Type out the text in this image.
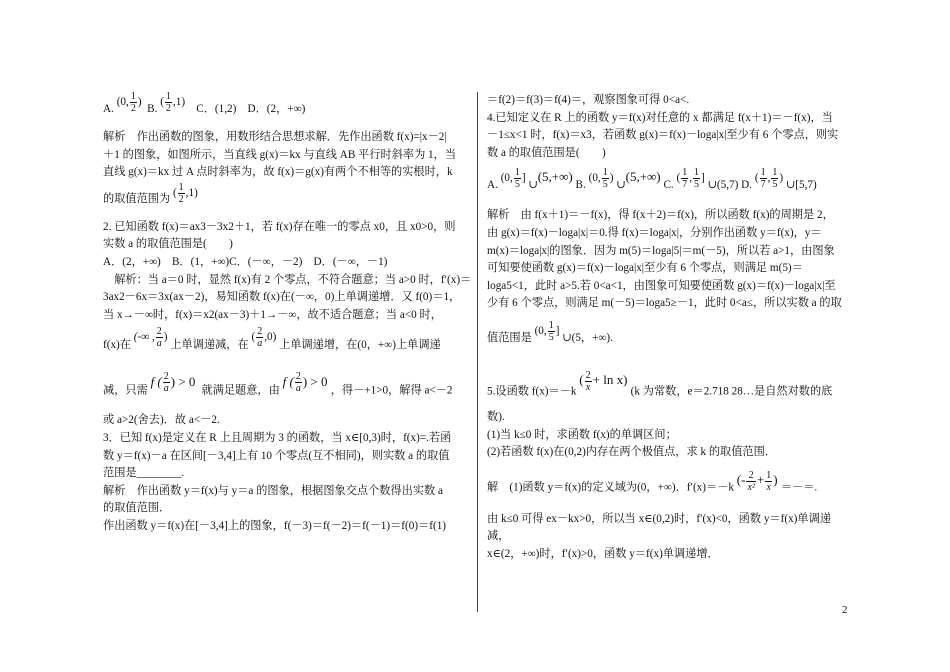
A. (0, $\frac{1}{2}$ )  B. ( $\frac{1}{2} ,1$)    C．(1,2) D．(2，+∞)
解析　作出函数的图象，用数形结合思想求解．先作出函数 f(x)=|x－2|
＋1 的图象，如图所示，当直线 g(x)＝kx 与直线 AB 平行时斜率为 1，当
直线 g(x)＝kx 过 A 点时斜率为，故 f(x)＝g(x)有两个不相等的实根时，k
的取值范围为 ( $\frac{1}{2} ,1$)
2. 已知函数 f(x)＝ax3－3x2＋1，若 f(x)存在唯一的零点 x0，且 x0>0，则
实数 a 的取值范围是(　　)
A．(2，+∞)　B．(1，+∞)C．(－∞，－2)　D．(－∞，－1)
　解析：当 a＝0 时，显然 f(x)有 2 个零点，不符合题意；当 a>0 时，f′(x)＝
3ax2－6x＝3x(ax－2)，易知函数 f(x)在(－∞，0)上单调递增．又 f(0)＝1，
当 x→－∞时，f(x)＝x2(ax－3)＋1→－∞，故不适合题意；当 a<0 时，
f(x)在 (-∞ , $\frac{2}{a}$ ) 上单调递减，在 ( $\frac{2}{a} ,0$) 上单调递增，在(0，+∞)上单调递
减，只需 f ( $\frac{2}{a}$ ) > 0  就满足题意，由 f ( $\frac{2}{a}$ ) > 0 ，得－+1>0，解得 a<－2
或 a>2(舍去)．故 a<－2.
3．已知 f(x)是定义在 R 上且周期为 3 的函数，当 x∈[0,3)时，f(x)=.若函
数 y＝f(x)－a 在区间[－3,4]上有 10 个零点(互不相同)，则实数 a 的取值
范围是________.
解析　作出函数 y＝f(x)与 y＝a 的图象，根据图象交点个数得出实数 a
的取值范围．
作出函数 y＝f(x)在[－3,4]上的图象，f(－3)＝f(－2)＝f(－1)＝f(0)＝f(1)
＝f(2)＝f(3)＝f(4)＝，观察图象可得 0<a<.
4.已知定义在 R 上的函数 y＝f(x)对任意的 x 都满足 f(x＋1)＝－f(x)，当
－1≤x<1 时，f(x)＝x3，若函数 g(x)＝f(x)－loga|x|至少有 6 个零点，则实
数 a 的取值范围是(　　)
A. (0, $\frac{1}{5}$ ] ∪(5,+∞) B. (0, $\frac{1}{5}$ ) ∪(5,+∞) C. ( $\frac{1}{7}$ , $\frac{1}{5}$ ] ∪(5,7) D. ( $\frac{1}{7}$ , $\frac{1}{5}$ ) ∪[5,7)
解析　由 f(x＋1)＝－f(x)，得 f(x＋2)＝f(x)，所以函数 f(x)的周期是 2，
由 g(x)＝f(x)－loga|x|＝0.得 f(x)＝loga|x|，分别作出函数 y＝f(x)，y＝
m(x)＝loga|x|的图象．因为 m(5)＝loga|5|＝m(－5)，所以若 a>1，由图象
可知要使函数 g(x)＝f(x)－loga|x|至少有 6 个零点，则满足 m(5)＝
loga5<1，此时 a>5.若 0<a<1，由图象可知要使函数 g(x)＝f(x)－loga|x|至
少有 6 个零点，则满足 m(－5)＝loga5≥－1，此时 0<a≤，所以实数 a 的取
值范围是 (0, $\frac{1}{5}$ ] ∪(5，+∞).
5.设函数 f(x)＝－k ( $\frac{2}{x} + \ln x$) (k 为常数，e＝2.718 28…是自然对数的底
数).
(1)当 k≤0 时，求函数 f(x)的单调区间；
(2)若函数 f(x)在(0,2)内存在两个极值点，求 k 的取值范围．
解　(1)函数 y＝f(x)的定义域为(0，+∞)．f′(x)＝－k (- $\frac{2}{\text{x²}} + \frac{1}{x}$ ) ＝－＝.
由 k≤0 可得 ex－kx>0，所以当 x∈(0,2)时，f′(x)<0，函数 y＝f(x)单调递
减，
x∈(2，+∞)时，f′(x)>0，函数 y＝f(x)单调递增．
2
